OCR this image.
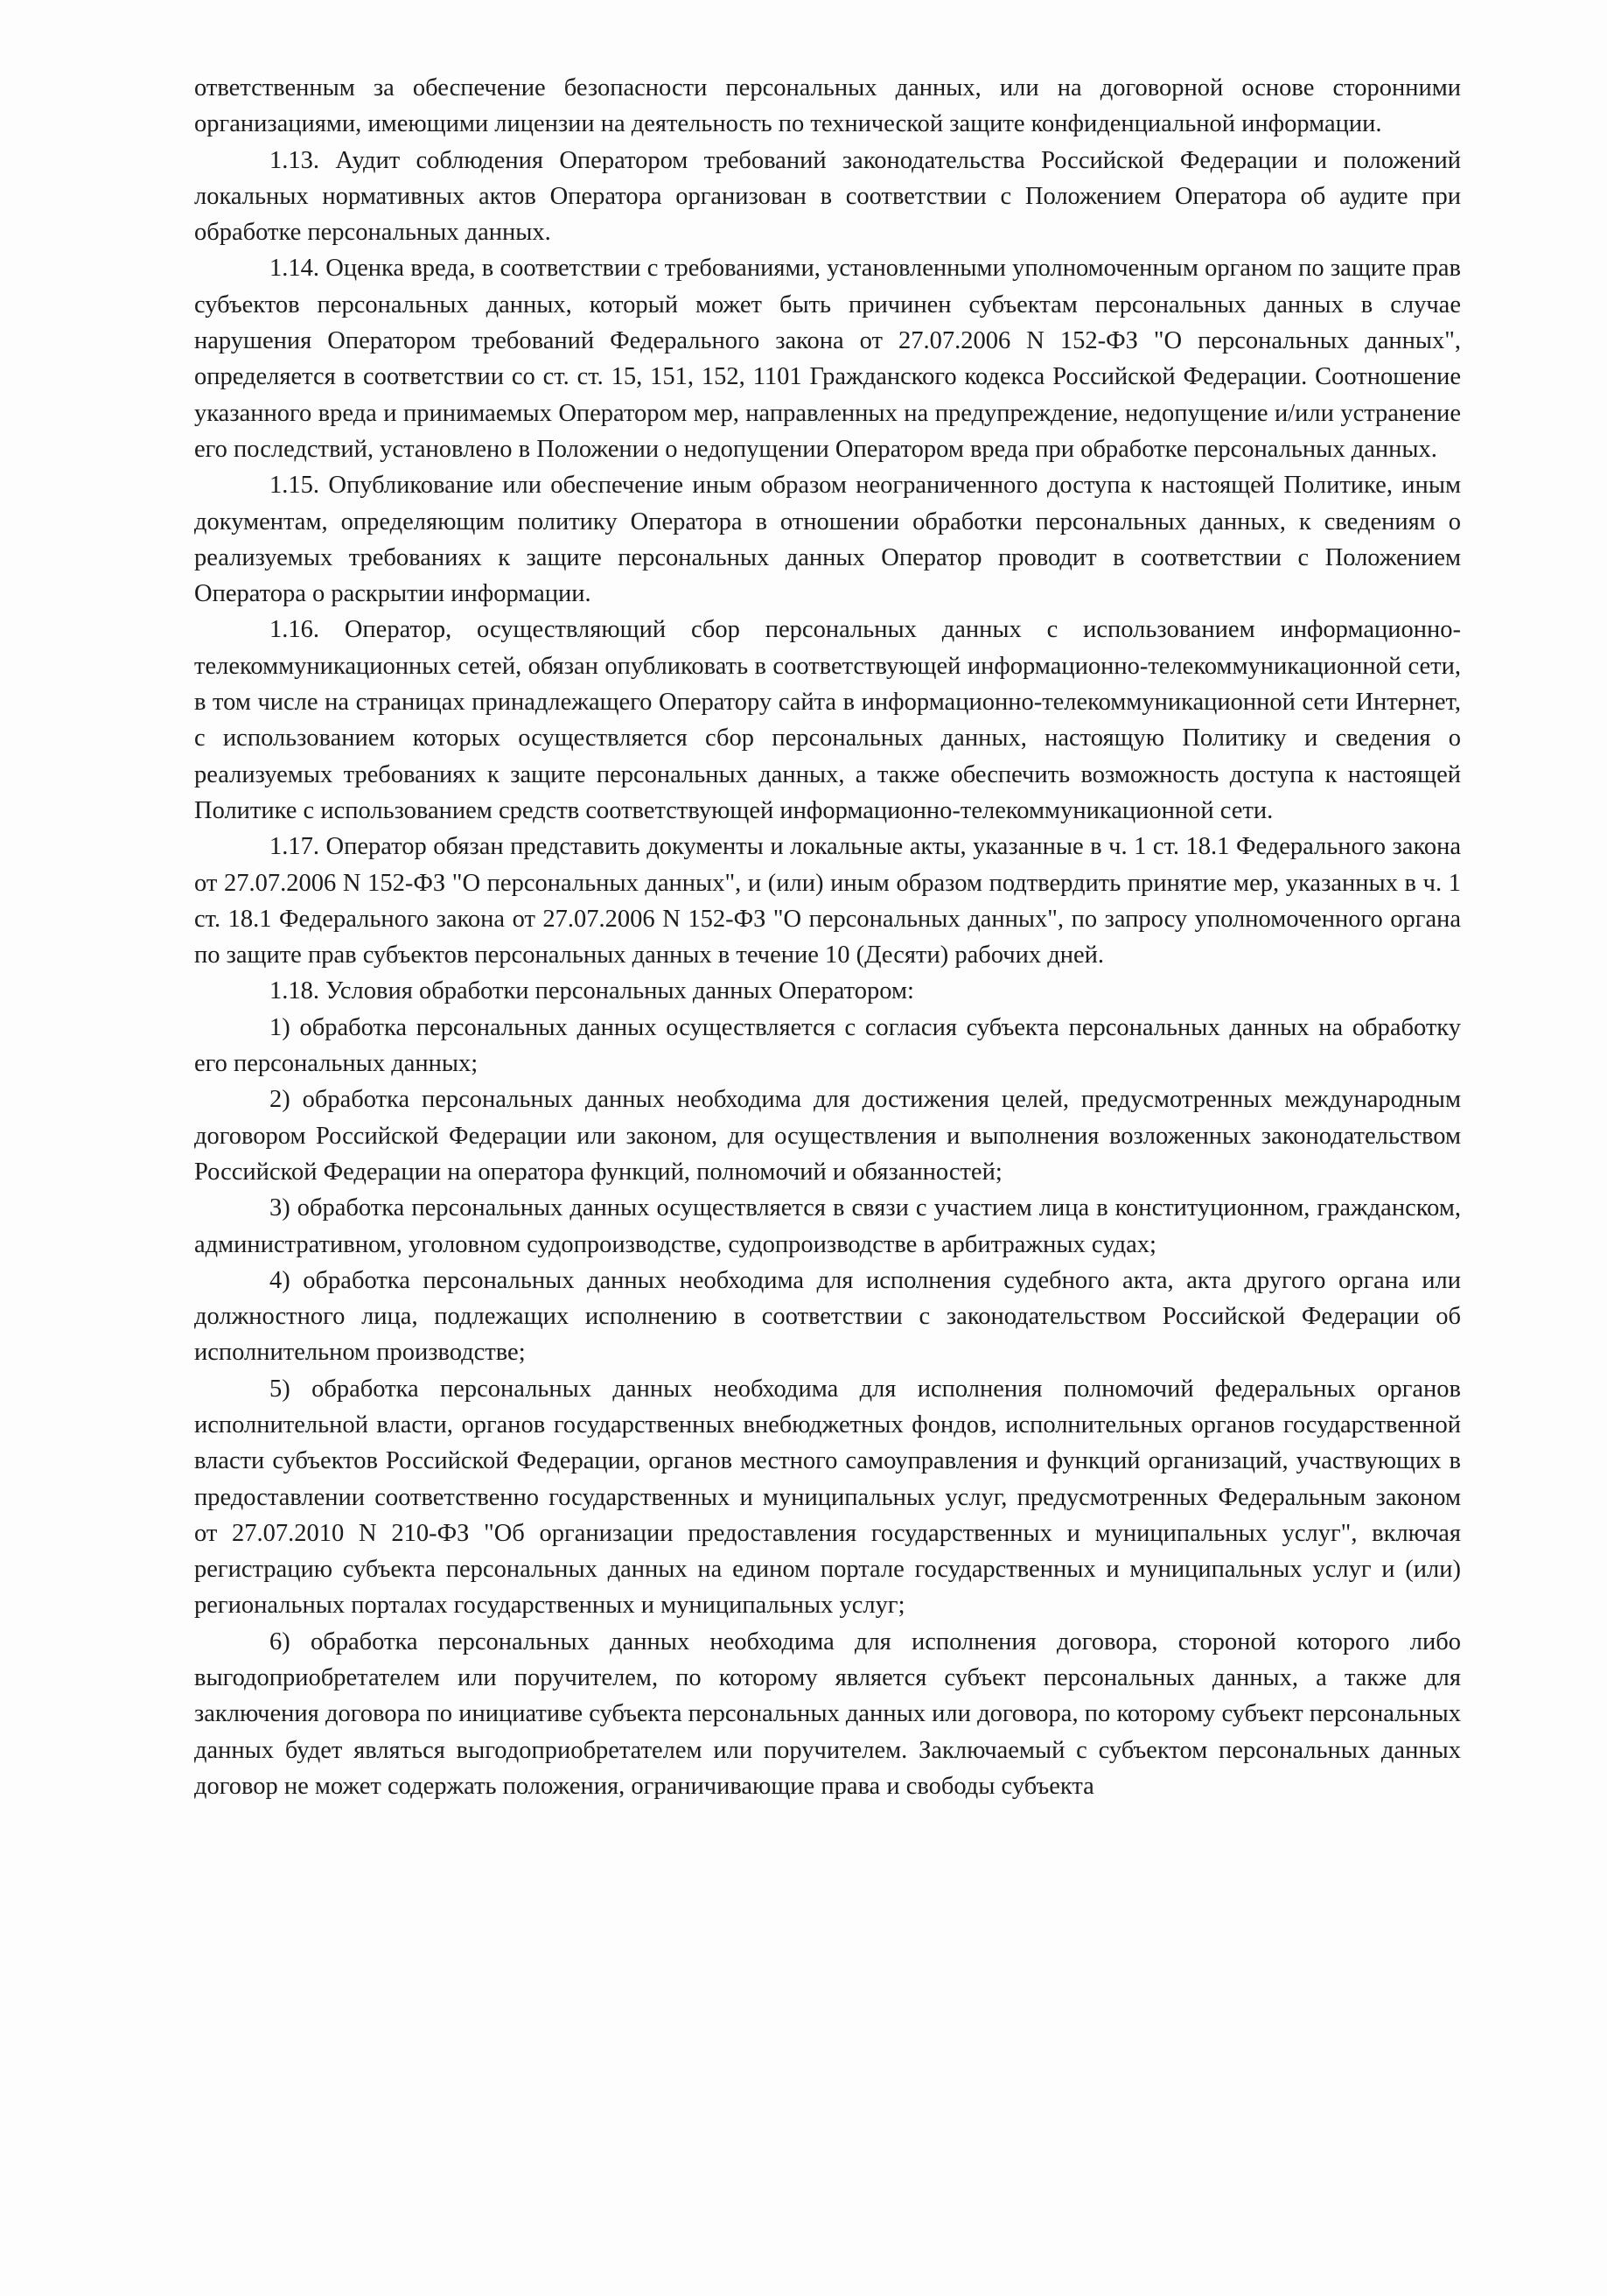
ответственным за обеспечение безопасности персональных данных, или на договорной основе сторонними организациями, имеющими лицензии на деятельность по технической защите конфиденциальной информации.

1.13. Аудит соблюдения Оператором требований законодательства Российской Федерации и положений локальных нормативных актов Оператора организован в соответствии с Положением Оператора об аудите при обработке персональных данных.

1.14. Оценка вреда, в соответствии с требованиями, установленными уполномоченным органом по защите прав субъектов персональных данных, который может быть причинен субъектам персональных данных в случае нарушения Оператором требований Федерального закона от 27.07.2006 N 152-ФЗ "О персональных данных", определяется в соответствии со ст. ст. 15, 151, 152, 1101 Гражданского кодекса Российской Федерации. Соотношение указанного вреда и принимаемых Оператором мер, направленных на предупреждение, недопущение и/или устранение его последствий, установлено в Положении о недопущении Оператором вреда при обработке персональных данных.

1.15. Опубликование или обеспечение иным образом неограниченного доступа к настоящей Политике, иным документам, определяющим политику Оператора в отношении обработки персональных данных, к сведениям о реализуемых требованиях к защите персональных данных Оператор проводит в соответствии с Положением Оператора о раскрытии информации.

1.16. Оператор, осуществляющий сбор персональных данных с использованием информационно-телекоммуникационных сетей, обязан опубликовать в соответствующей информационно-телекоммуникационной сети, в том числе на страницах принадлежащего Оператору сайта в информационно-телекоммуникационной сети Интернет, с использованием которых осуществляется сбор персональных данных, настоящую Политику и сведения о реализуемых требованиях к защите персональных данных, а также обеспечить возможность доступа к настоящей Политике с использованием средств соответствующей информационно-телекоммуникационной сети.

1.17. Оператор обязан представить документы и локальные акты, указанные в ч. 1 ст. 18.1 Федерального закона от 27.07.2006 N 152-ФЗ "О персональных данных", и (или) иным образом подтвердить принятие мер, указанных в ч. 1 ст. 18.1 Федерального закона от 27.07.2006 N 152-ФЗ "О персональных данных", по запросу уполномоченного органа по защите прав субъектов персональных данных в течение 10 (Десяти) рабочих дней.

1.18. Условия обработки персональных данных Оператором:

1) обработка персональных данных осуществляется с согласия субъекта персональных данных на обработку его персональных данных;

2) обработка персональных данных необходима для достижения целей, предусмотренных международным договором Российской Федерации или законом, для осуществления и выполнения возложенных законодательством Российской Федерации на оператора функций, полномочий и обязанностей;

3) обработка персональных данных осуществляется в связи с участием лица в конституционном, гражданском, административном, уголовном судопроизводстве, судопроизводстве в арбитражных судах;

4) обработка персональных данных необходима для исполнения судебного акта, акта другого органа или должностного лица, подлежащих исполнению в соответствии с законодательством Российской Федерации об исполнительном производстве;

5) обработка персональных данных необходима для исполнения полномочий федеральных органов исполнительной власти, органов государственных внебюджетных фондов, исполнительных органов государственной власти субъектов Российской Федерации, органов местного самоуправления и функций организаций, участвующих в предоставлении соответственно государственных и муниципальных услуг, предусмотренных Федеральным законом от 27.07.2010 N 210-ФЗ "Об организации предоставления государственных и муниципальных услуг", включая регистрацию субъекта персональных данных на едином портале государственных и муниципальных услуг и (или) региональных порталах государственных и муниципальных услуг;

6) обработка персональных данных необходима для исполнения договора, стороной которого либо выгодоприобретателем или поручителем, по которому является субъект персональных данных, а также для заключения договора по инициативе субъекта персональных данных или договора, по которому субъект персональных данных будет являться выгодоприобретателем или поручителем. Заключаемый с субъектом персональных данных договор не может содержать положения, ограничивающие права и свободы субъекта
